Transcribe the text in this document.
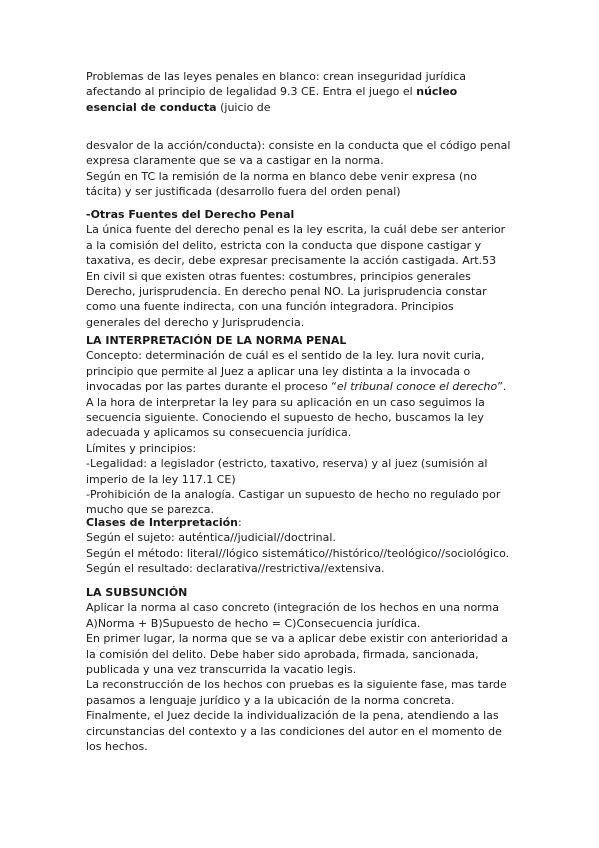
Problemas de las leyes penales en blanco: crean inseguridad jurídica
afectando al principio de legalidad 9.3 CE. Entra el juego el núcleo
esencial de conducta (juicio de
desvalor de la acción/conducta): consiste en la conducta que el código penal
expresa claramente que se va a castigar en la norma.
Según en TC la remisión de la norma en blanco debe venir expresa (no
tácita) y ser justificada (desarrollo fuera del orden penal)
-Otras Fuentes del Derecho Penal
La única fuente del derecho penal es la ley escrita, la cuál debe ser anterior
a la comisión del delito, estricta con la conducta que dispone castigar y
taxativa, es decir, debe expresar precisamente la acción castigada. Art.53
En civil si que existen otras fuentes: costumbres, principios generales
Derecho, jurisprudencia. En derecho penal NO. La jurisprudencia constar
como una fuente indirecta, con una función integradora. Principios
generales del derecho y Jurisprudencia.
LA INTERPRETACIÓN DE LA NORMA PENAL
Concepto: determinación de cuál es el sentido de la ley. Iura novit curia,
principio que permite al Juez a aplicar una ley distinta a la invocada o
invocadas por las partes durante el proceso “el tribunal conoce el derecho”.
A la hora de interpretar la ley para su aplicación en un caso seguimos la
secuencia siguiente. Conociendo el supuesto de hecho, buscamos la ley
adecuada y aplicamos su consecuencia jurídica.
Límites y principios:
-Legalidad: a legislador (estricto, taxativo, reserva) y al juez (sumisión al
imperio de la ley 117.1 CE)
-Prohibición de la analogía. Castigar un supuesto de hecho no regulado por
mucho que se parezca.
Clases de Interpretación:
Según el sujeto: auténtica//judicial//doctrinal.
Según el método: literal//lógico sistemático//histórico//teológico//sociológico.
Según el resultado: declarativa//restrictiva//extensiva.
LA SUBSUNCIÓN
Aplicar la norma al caso concreto (integración de los hechos en una norma
A)Norma + B)Supuesto de hecho = C)Consecuencia jurídica.
En primer lugar, la norma que se va a aplicar debe existir con anterioridad a
la comisión del delito. Debe haber sido aprobada, firmada, sancionada,
publicada y una vez transcurrida la vacatio legis.
La reconstrucción de los hechos con pruebas es la siguiente fase, mas tarde
pasamos a lenguaje jurídico y a la ubicación de la norma concreta.
Finalmente, el Juez decide la individualización de la pena, atendiendo a las
circunstancias del contexto y a las condiciones del autor en el momento de
los hechos.
